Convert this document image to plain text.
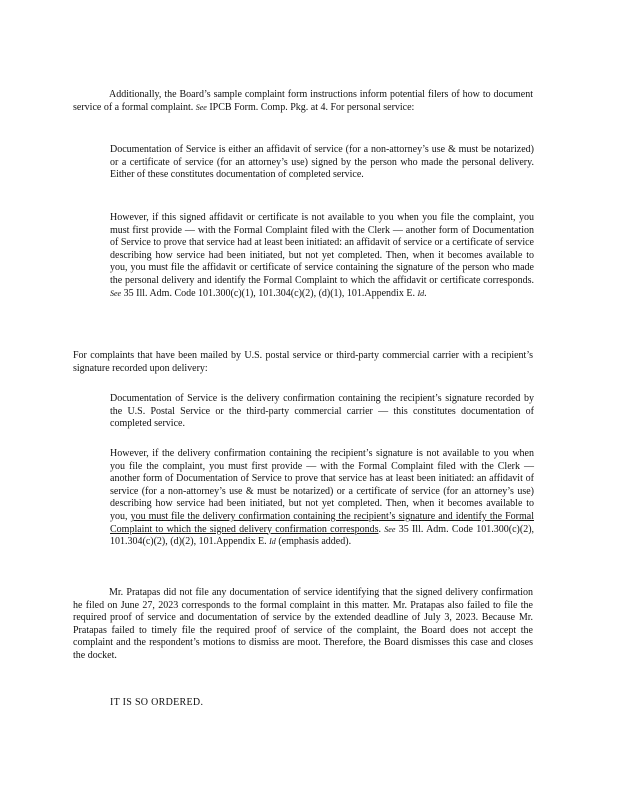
Additionally, the Board’s sample complaint form instructions inform potential filers of how to document service of a formal complaint. See IPCB Form. Comp. Pkg. at 4. For personal service:

Documentation of Service is either an affidavit of service (for a non-attorney’s use & must be notarized) or a certificate of service (for an attorney’s use) signed by the person who made the personal delivery. Either of these constitutes documentation of completed service.

However, if this signed affidavit or certificate is not available to you when you file the complaint, you must first provide — with the Formal Complaint filed with the Clerk — another form of Documentation of Service to prove that service had at least been initiated: an affidavit of service or a certificate of service describing how service had been initiated, but not yet completed. Then, when it becomes available to you, you must file the affidavit or certificate of service containing the signature of the person who made the personal delivery and identify the Formal Complaint to which the affidavit or certificate corresponds. See 35 Ill. Adm. Code 101.300(c)(1), 101.304(c)(2), (d)(1), 101.Appendix E. Id.

For complaints that have been mailed by U.S. postal service or third-party commercial carrier with a recipient’s signature recorded upon delivery:

Documentation of Service is the delivery confirmation containing the recipient’s signature recorded by the U.S. Postal Service or the third-party commercial carrier — this constitutes documentation of completed service.

However, if the delivery confirmation containing the recipient’s signature is not available to you when you file the complaint, you must first provide — with the Formal Complaint filed with the Clerk — another form of Documentation of Service to prove that service has at least been initiated: an affidavit of service (for a non-attorney’s use & must be notarized) or a certificate of service (for an attorney’s use) describing how service had been initiated, but not yet completed. Then, when it becomes available to you, you must file the delivery confirmation containing the recipient’s signature and identify the Formal Complaint to which the signed delivery confirmation corresponds. See 35 Ill. Adm. Code 101.300(c)(2), 101.304(c)(2), (d)(2), 101.Appendix E. Id (emphasis added).

Mr. Pratapas did not file any documentation of service identifying that the signed delivery confirmation he filed on June 27, 2023 corresponds to the formal complaint in this matter. Mr. Pratapas also failed to file the required proof of service and documentation of service by the extended deadline of July 3, 2023. Because Mr. Pratapas failed to timely file the required proof of service of the complaint, the Board does not accept the complaint and the respondent’s motions to dismiss are moot. Therefore, the Board dismisses this case and closes the docket.

IT IS SO ORDERED.
